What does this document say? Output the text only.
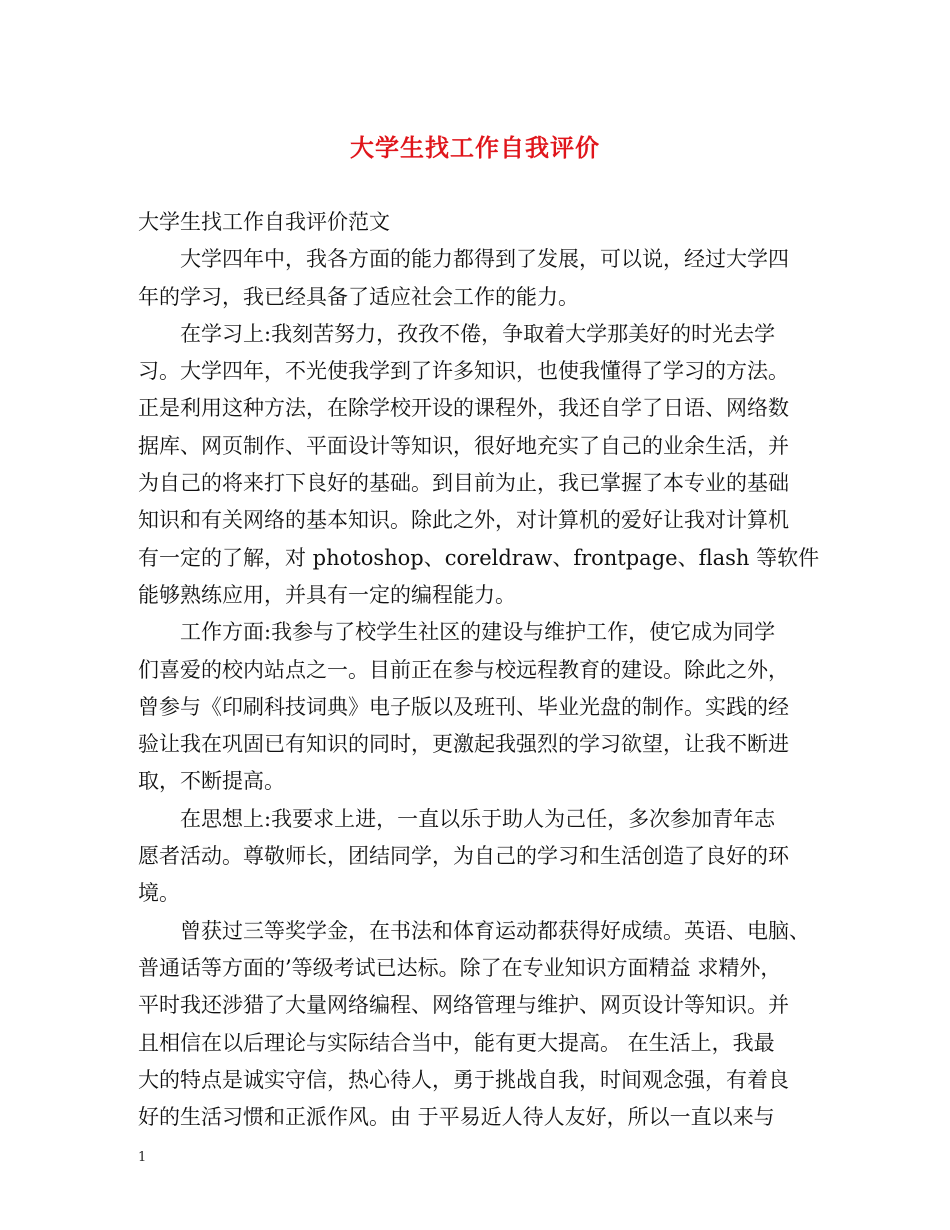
大学生找工作自我评价
大学生找工作自我评价范文
大学四年中，我各方面的能力都得到了发展，可以说，经过大学四
年的学习，我已经具备了适应社会工作的能力。
在学习上:我刻苦努力，孜孜不倦，争取着大学那美好的时光去学
习。大学四年，不光使我学到了许多知识，也使我懂得了学习的方法。
正是利用这种方法，在除学校开设的课程外，我还自学了日语、网络数
据库、网页制作、平面设计等知识，很好地充实了自己的业余生活，并
为自己的将来打下良好的基础。到目前为止，我已掌握了本专业的基础
知识和有关网络的基本知识。除此之外，对计算机的爱好让我对计算机
有一定的了解，对 photoshop、coreldraw、frontpage、flash 等软件
能够熟练应用，并具有一定的编程能力。
工作方面:我参与了校学生社区的建设与维护工作，使它成为同学
们喜爱的校内站点之一。目前正在参与校远程教育的建设。除此之外，
曾参与《印刷科技词典》电子版以及班刊、毕业光盘的制作。实践的经
验让我在巩固已有知识的同时，更激起我强烈的学习欲望，让我不断进
取，不断提高。
在思想上:我要求上进，一直以乐于助人为己任，多次参加青年志
愿者活动。尊敬师长，团结同学，为自己的学习和生活创造了良好的环
境。
曾获过三等奖学金，在书法和体育运动都获得好成绩。英语、电脑、
普通话等方面的’等级考试已达标。除了在专业知识方面精益 求精外，
平时我还涉猎了大量网络编程、网络管理与维护、网页设计等知识。并
且相信在以后理论与实际结合当中，能有更大提高。 在生活上，我最
大的特点是诚实守信，热心待人，勇于挑战自我，时间观念强，有着良
好的生活习惯和正派作风。由 于平易近人待人友好，所以一直以来与
1
